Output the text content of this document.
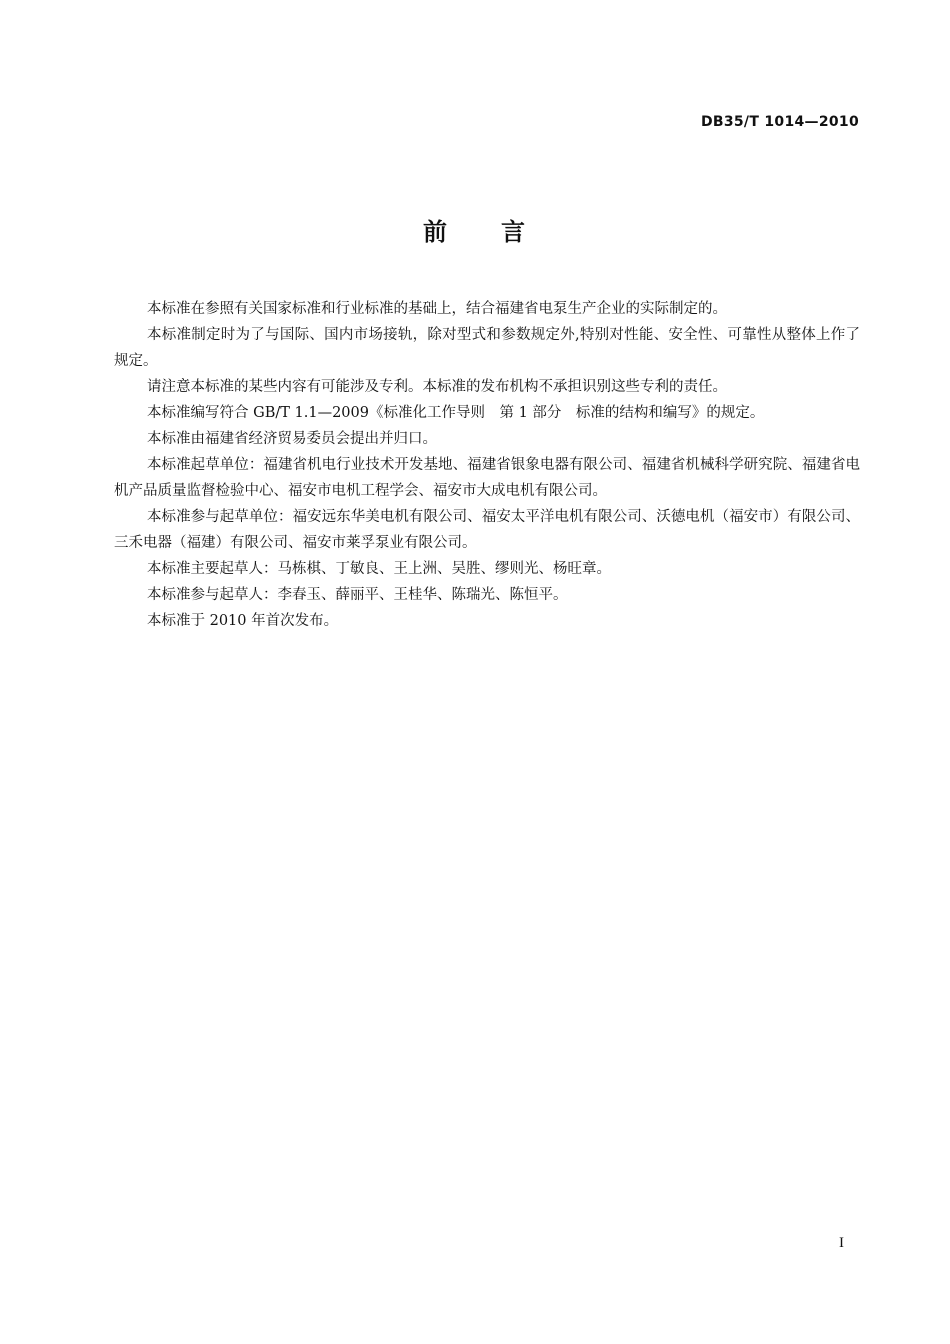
DB35/T 1014—2010
前 言

本标准在参照有关国家标准和行业标准的基础上，结合福建省电泵生产企业的实际制定的。

本标准制定时为了与国际、国内市场接轨，除对型式和参数规定外,特别对性能、安全性、可靠性从整体上作了规定。

请注意本标准的某些内容有可能涉及专利。本标准的发布机构不承担识别这些专利的责任。

本标准编写符合 GB/T 1.1—2009《标准化工作导则　第 1 部分　标准的结构和编写》的规定。

本标准由福建省经济贸易委员会提出并归口。

本标准起草单位：福建省机电行业技术开发基地、福建省银象电器有限公司、福建省机械科学研究院、福建省电机产品质量监督检验中心、福安市电机工程学会、福安市大成电机有限公司。

本标准参与起草单位：福安远东华美电机有限公司、福安太平洋电机有限公司、沃德电机（福安市）有限公司、三禾电器（福建）有限公司、福安市莱孚泵业有限公司。

本标准主要起草人：马栋棋、丁敏良、王上洲、吴胜、缪则光、杨旺章。

本标准参与起草人：李春玉、薛丽平、王桂华、陈瑞光、陈恒平。

本标准于 2010 年首次发布。

I
